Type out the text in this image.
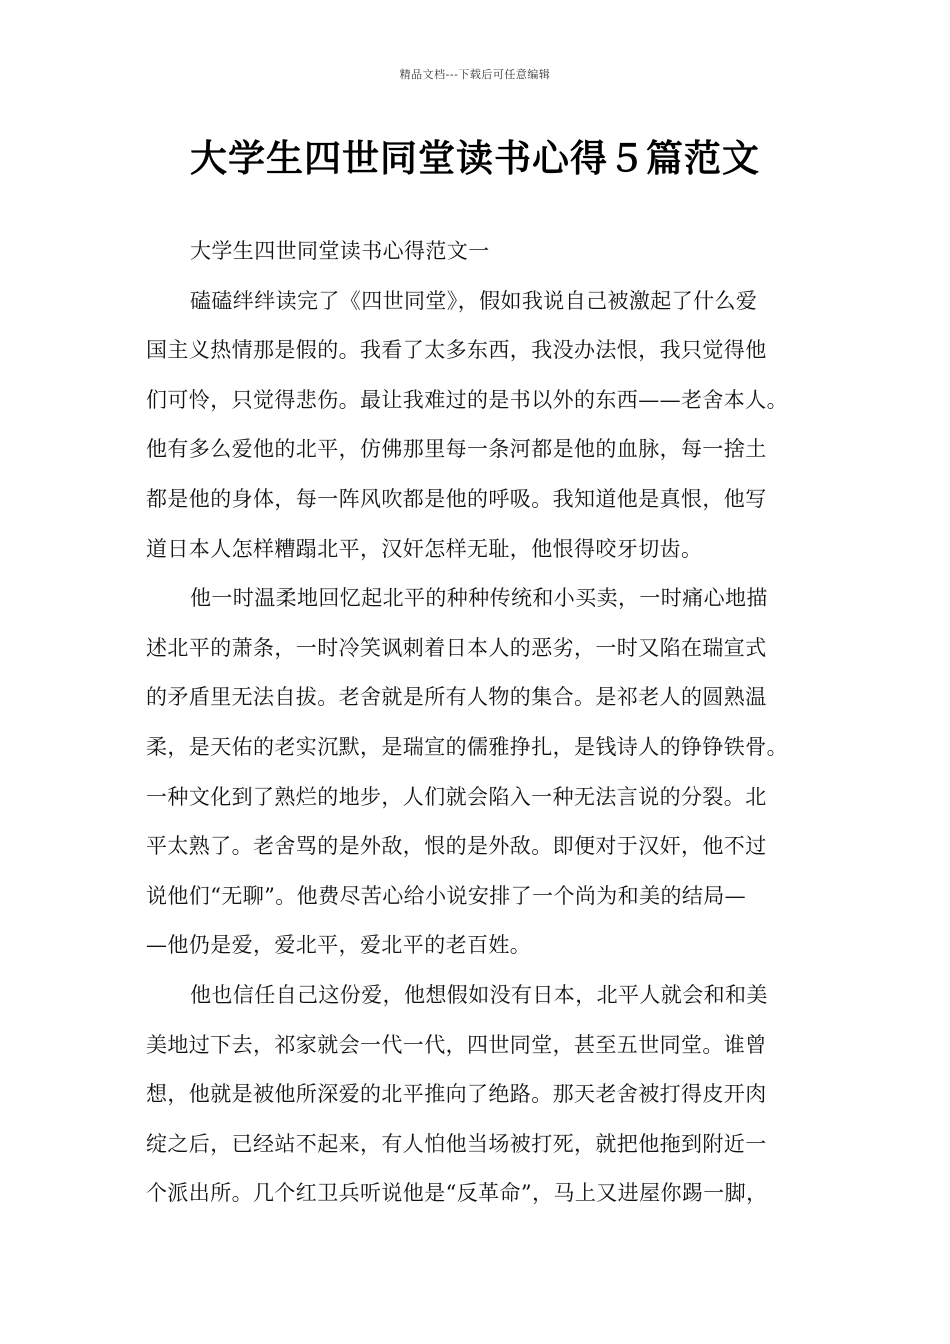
精品文档---下载后可任意编辑
大学生四世同堂读书心得５篇范文
大学生四世同堂读书心得范文一
磕磕绊绊读完了《四世同堂》，假如我说自己被激起了什么爱
国主义热情那是假的。我看了太多东西，我没办法恨，我只觉得他
们可怜，只觉得悲伤。最让我难过的是书以外的东西——老舍本人。
他有多么爱他的北平，仿佛那里每一条河都是他的血脉，每一捨土
都是他的身体，每一阵风吹都是他的呼吸。我知道他是真恨，他写
道日本人怎样糟蹋北平，汉奸怎样无耻，他恨得咬牙切齿。
他一时温柔地回忆起北平的种种传统和小买卖，一时痛心地描
述北平的萧条，一时冷笑讽刺着日本人的恶劣，一时又陷在瑞宣式
的矛盾里无法自拔。老舍就是所有人物的集合。是祁老人的圆熟温
柔，是天佑的老实沉默，是瑞宣的儒雅挣扎，是钱诗人的铮铮铁骨。
一种文化到了熟烂的地步，人们就会陷入一种无法言说的分裂。北
平太熟了。老舍骂的是外敌，恨的是外敌。即便对于汉奸，他不过
说他们“无聊”。他费尽苦心给小说安排了一个尚为和美的结局—
—他仍是爱，爱北平，爱北平的老百姓。
他也信任自己这份爱，他想假如没有日本，北平人就会和和美
美地过下去，祁家就会一代一代，四世同堂，甚至五世同堂。谁曾
想，他就是被他所深爱的北平推向了绝路。那天老舍被打得皮开肉
绽之后，已经站不起来，有人怕他当场被打死，就把他拖到附近一
个派出所。几个红卫兵听说他是“反革命”，马上又进屋你踢一脚，
